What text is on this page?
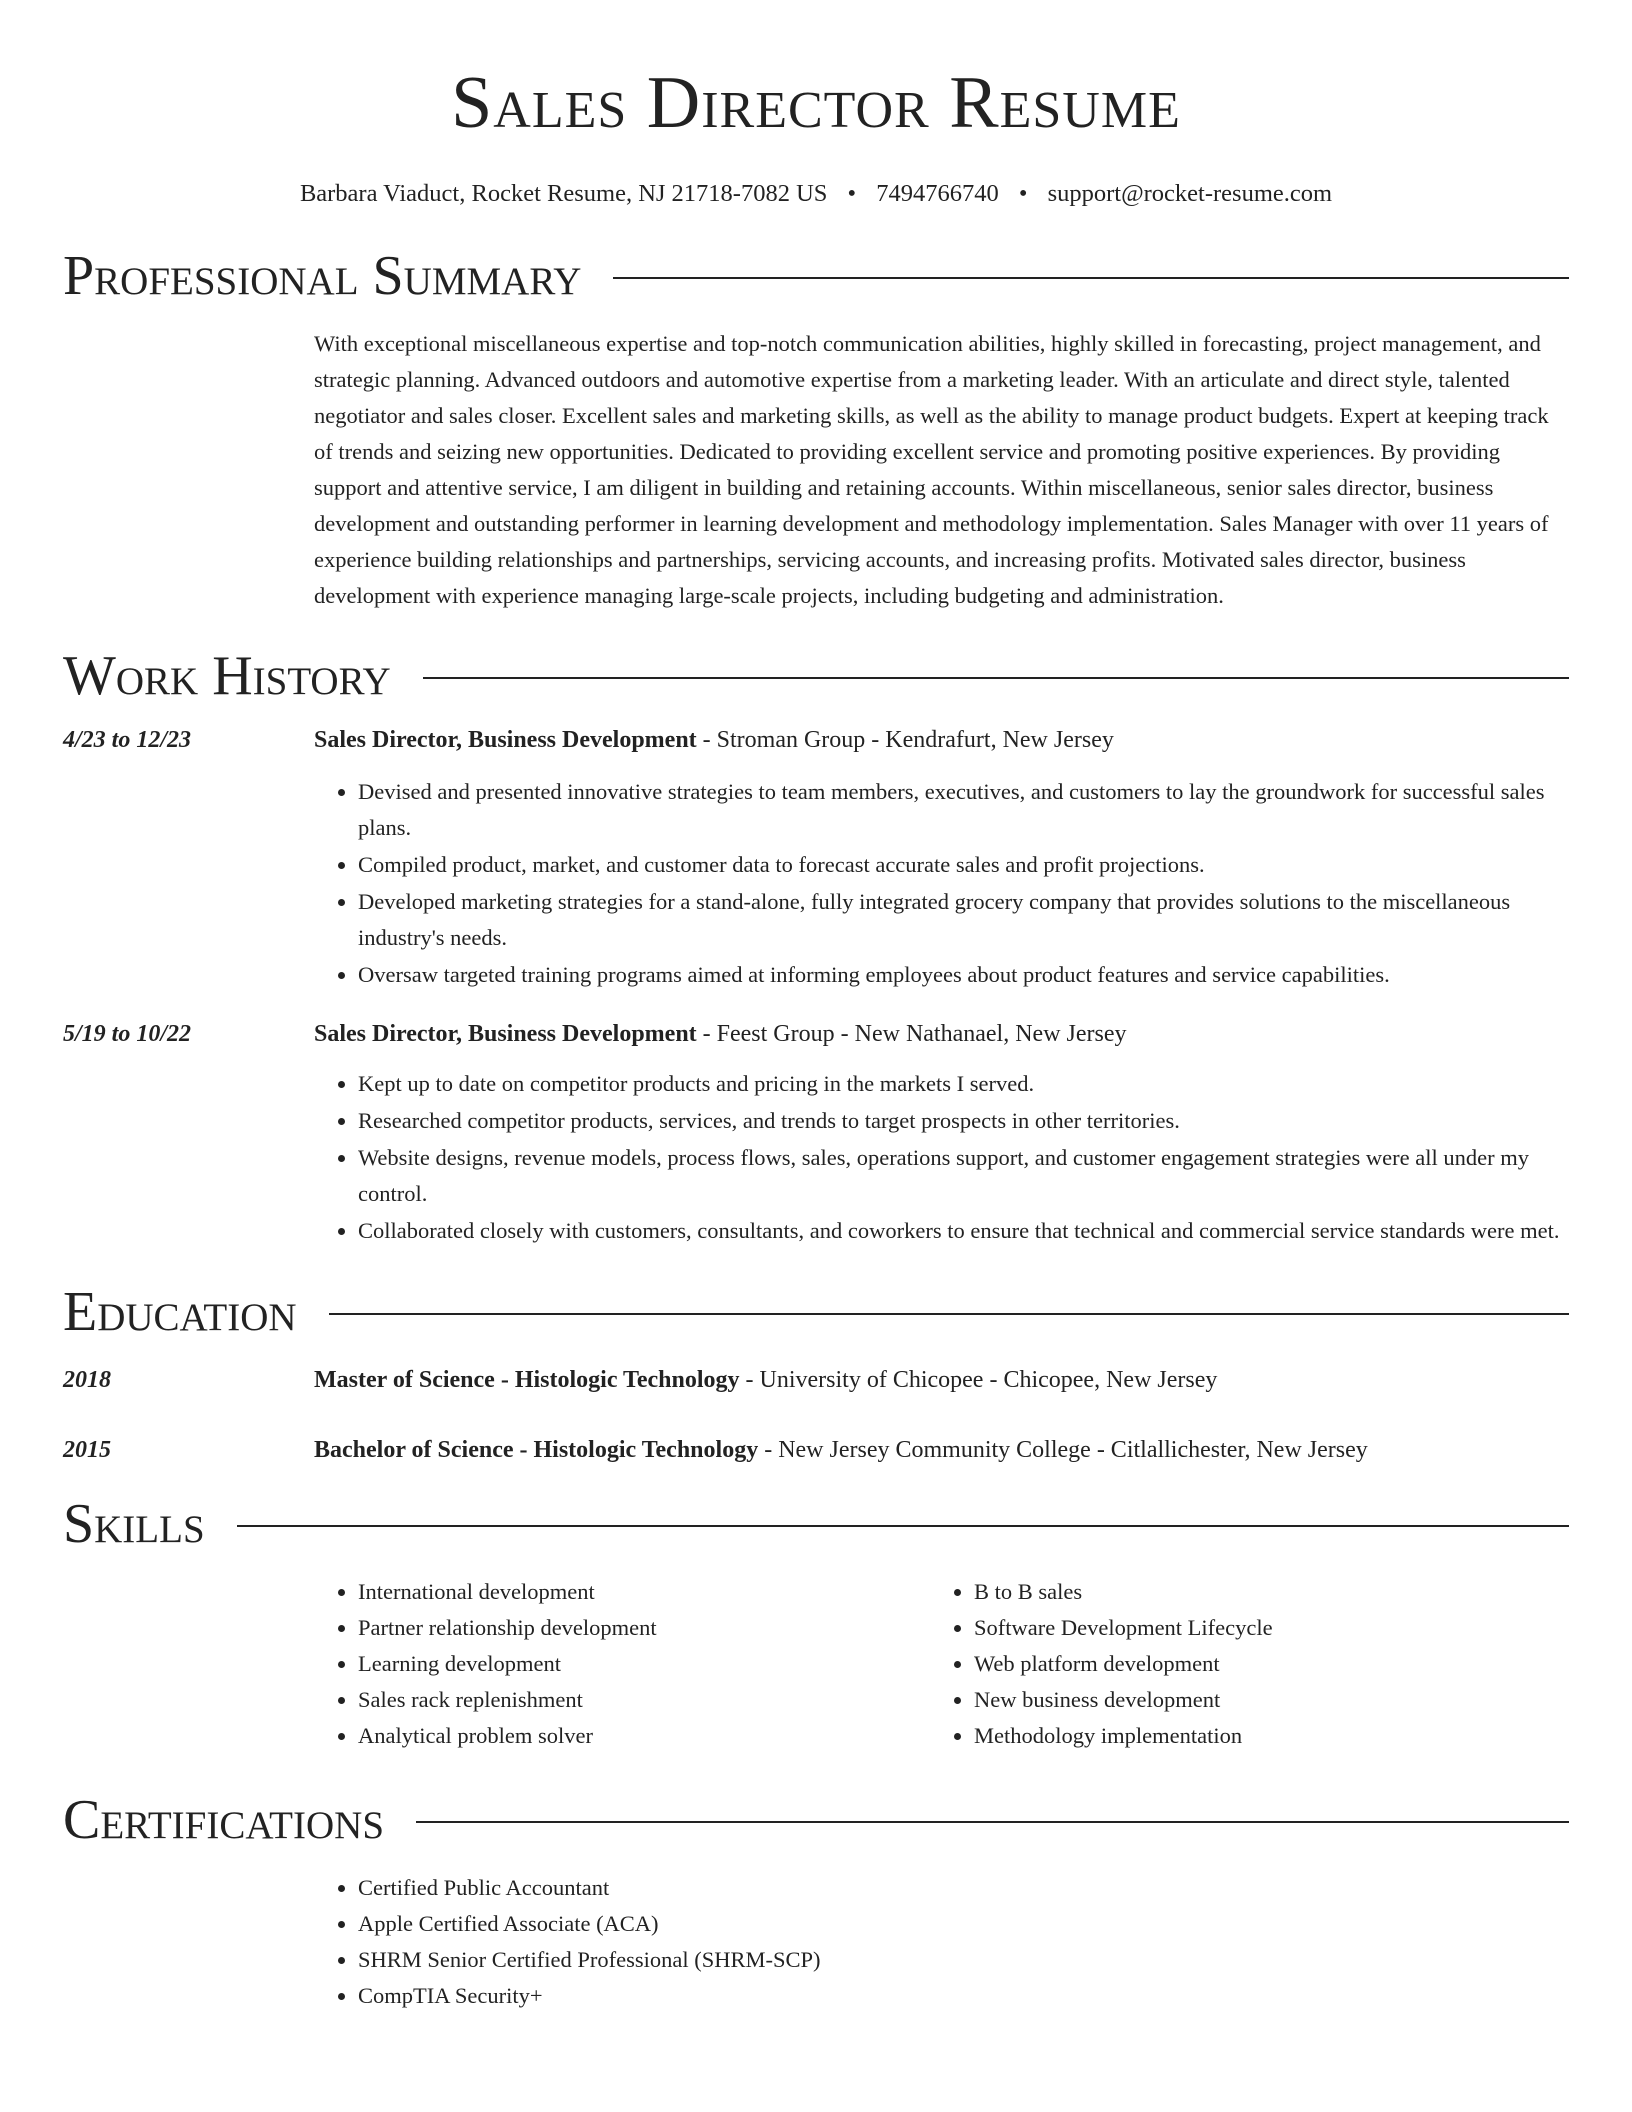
Sales Director Resume
Barbara Viaduct, Rocket Resume, NJ 21718-7082 US • 7494766740 • support@rocket-resume.com
Professional Summary

With exceptional miscellaneous expertise and top-notch communication abilities, highly skilled in forecasting, project management, and strategic planning. Advanced outdoors and automotive expertise from a marketing leader. With an articulate and direct style, talented negotiator and sales closer. Excellent sales and marketing skills, as well as the ability to manage product budgets. Expert at keeping track of trends and seizing new opportunities. Dedicated to providing excellent service and promoting positive experiences. By providing support and attentive service, I am diligent in building and retaining accounts. Within miscellaneous, senior sales director, business development and outstanding performer in learning development and methodology implementation. Sales Manager with over 11 years of experience building relationships and partnerships, servicing accounts, and increasing profits. Motivated sales director, business development with experience managing large-scale projects, including budgeting and administration.

Work History
4/23 to 12/23	Sales Director, Business Development - Stroman Group - Kendrafurt, New Jersey
• Devised and presented innovative strategies to team members, executives, and customers to lay the groundwork for successful sales plans.
• Compiled product, market, and customer data to forecast accurate sales and profit projections.
• Developed marketing strategies for a stand-alone, fully integrated grocery company that provides solutions to the miscellaneous industry's needs.
• Oversaw targeted training programs aimed at informing employees about product features and service capabilities.
5/19 to 10/22	Sales Director, Business Development - Feest Group - New Nathanael, New Jersey
• Kept up to date on competitor products and pricing in the markets I served.
• Researched competitor products, services, and trends to target prospects in other territories.
• Website designs, revenue models, process flows, sales, operations support, and customer engagement strategies were all under my control.
• Collaborated closely with customers, consultants, and coworkers to ensure that technical and commercial service standards were met.
Education
2018	Master of Science - Histologic Technology - University of Chicopee - Chicopee, New Jersey
2015	Bachelor of Science - Histologic Technology - New Jersey Community College - Citlallichester, New Jersey
Skills
• International development
• Partner relationship development
• Learning development
• Sales rack replenishment
• Analytical problem solver
• B to B sales
• Software Development Lifecycle
• Web platform development
• New business development
• Methodology implementation
Certifications
• Certified Public Accountant
• Apple Certified Associate (ACA)
• SHRM Senior Certified Professional (SHRM-SCP)
• CompTIA Security+
